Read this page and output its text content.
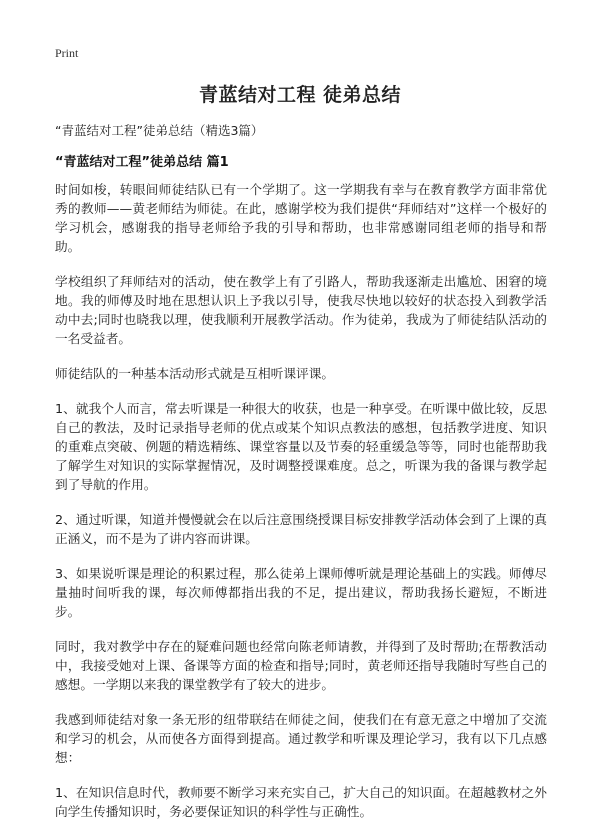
Print
青蓝结对工程 徒弟总结
“青蓝结对工程”徒弟总结（精选3篇）
“青蓝结对工程”徒弟总结 篇1

时间如梭，转眼间师徒结队已有一个学期了。这一学期我有幸与在教育教学方面非常优秀的教师——黄老师结为师徒。在此，感谢学校为我们提供“拜师结对”这样一个极好的学习机会，感谢我的指导老师给予我的引导和帮助，也非常感谢同组老师的指导和帮助。

学校组织了拜师结对的活动，使在教学上有了引路人，帮助我逐渐走出尴尬、困窘的境地。我的师傅及时地在思想认识上予我以引导，使我尽快地以较好的状态投入到教学活动中去;同时也晓我以理，使我顺利开展教学活动。作为徒弟，我成为了师徒结队活动的一名受益者。

师徒结队的一种基本活动形式就是互相听课评课。

1、就我个人而言，常去听课是一种很大的收获，也是一种享受。在听课中做比较，反思自己的教法，及时记录指导老师的优点或某个知识点教法的感想，包括教学进度、知识的重难点突破、例题的精选精练、课堂容量以及节奏的轻重缓急等等，同时也能帮助我了解学生对知识的实际掌握情况，及时调整授课难度。总之，听课为我的备课与教学起到了导航的作用。

2、通过听课，知道并慢慢就会在以后注意围绕授课目标安排教学活动体会到了上课的真正涵义，而不是为了讲内容而讲课。

3、如果说听课是理论的积累过程，那么徒弟上课师傅听就是理论基础上的实践。师傅尽量抽时间听我的课，每次师傅都指出我的不足，提出建议，帮助我扬长避短，不断进步。

同时，我对教学中存在的疑难问题也经常向陈老师请教，并得到了及时帮助;在帮教活动中，我接受她对上课、备课等方面的检查和指导;同时，黄老师还指导我随时写些自己的感想。一学期以来我的课堂教学有了较大的进步。

我感到师徒结对象一条无形的纽带联结在师徒之间，使我们在有意无意之中增加了交流和学习的机会，从而使各方面得到提高。通过教学和听课及理论学习，我有以下几点感想：

1、在知识信息时代，教师要不断学习来充实自己，扩大自己的知识面。在超越教材之外向学生传播知识时，务必要保证知识的科学性与正确性。
